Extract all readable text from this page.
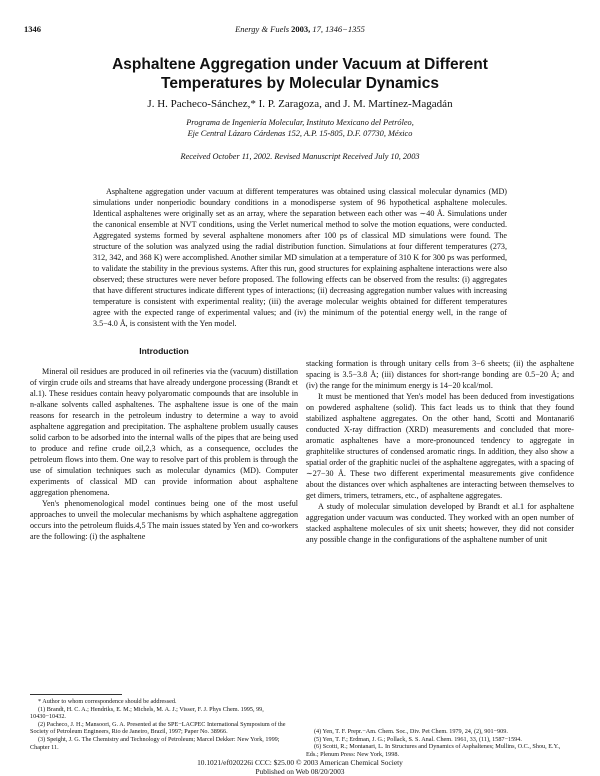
1346	Energy & Fuels 2003, 17, 1346−1355
Asphaltene Aggregation under Vacuum at Different
Temperatures by Molecular Dynamics
J. H. Pacheco-Sánchez,* I. P. Zaragoza, and J. M. Martínez-Magadán
Programa de Ingeniería Molecular, Instituto Mexicano del Petróleo,
Eje Central Lázaro Cárdenas 152, A.P. 15-805, D.F. 07730, México
Received October 11, 2002. Revised Manuscript Received July 10, 2003
Asphaltene aggregation under vacuum at different temperatures was obtained using classical molecular dynamics (MD) simulations under nonperiodic boundary conditions in a monodisperse system of 96 hypothetical asphaltene molecules. Identical asphaltenes were originally set as an array, where the separation between each other was ∼40 Å. Simulations under the canonical ensemble at NVT conditions, using the Verlet numerical method to solve the motion equations, were conducted. Aggregated systems formed by several asphaltene monomers after 100 ps of classical MD simulations were found. The structure of the solution was analyzed using the radial distribution function. Simulations at four different temperatures (273, 312, 342, and 368 K) were accomplished. Another similar MD simulation at a temperature of 310 K for 300 ps was performed, to validate the stability in the previous systems. After this run, good structures for explaining asphaltene interactions were also observed; these structures were never before proposed. The following effects can be observed from the results: (i) aggregates that have different structures indicate different types of interactions; (ii) decreasing aggregation number values with increasing temperature is consistent with experimental reality; (iii) the average molecular weights obtained for different temperatures agree with the expected range of experimental values; and (iv) the minimum of the potential energy well, in the range of 3.5−4.0 Å, is consistent with the Yen model.
Introduction

Mineral oil residues are produced in oil refineries via the (vacuum) distillation of virgin crude oils and streams that have already undergone processing (Brandt et al.1). These residues contain heavy polyaromatic compounds that are insoluble in n-alkane solvents called asphaltenes. The asphaltene issue is one of the main reasons for research in the petroleum industry to determine a way to avoid asphaltene aggregation and precipitation. The asphaltene problem usually causes solid carbon to be adsorbed into the internal walls of the pipes that are being used to produce and refine crude oil,2,3 which, as a consequence, occludes the petroleum flows into them. One way to resolve part of this problem is through the use of simulation techniques such as molecular dynamics (MD). Computer experiments of classical MD can provide information about asphaltene aggregation phenomena.

Yen's phenomenological model continues being one of the most useful approaches to unveil the molecular mechanisms by which asphaltene aggregation occurs into the petroleum fluids.4,5 The main issues stated by Yen and co-workers are the following: (i) the asphaltene

stacking formation is through unitary cells from 3−6 sheets; (ii) the asphaltene spacing is 3.5−3.8 Å; (iii) distances for short-range bonding are 0.5−20 Å; and (iv) the range for the minimum energy is 14−20 kcal/mol.

It must be mentioned that Yen's model has been deduced from investigations on powdered asphaltene (solid). This fact leads us to think that they found stabilized asphaltene aggregates. On the other hand, Scotti and Montanari6 conducted X-ray diffraction (XRD) measurements and concluded that more-aromatic asphaltenes have a more-pronounced tendency to aggregate in graphitelike structures of condensed aromatic rings. In addition, they also show a spatial order of the graphitic nuclei of the asphaltene aggregates, with a spacing of ∼27−30 Å. These two different experimental measurements give confidence about the distances over which asphaltenes are interacting between themselves to get dimers, trimers, tetramers, etc., of asphaltene aggregates.

A study of molecular simulation developed by Brandt et al.1 for asphaltene aggregation under vacuum was conducted. They worked with an open number of stacked asphaltene molecules of six unit sheets; however, they did not consider any possible change in the configurations of the asphaltene number of unit

* Author to whom correspondence should be addressed.
(1) Brandt, H. C. A.; Hendriks, E. M.; Michels, M. A. J.; Visser, F. J. Phys Chem. 1995, 99, 10430−10432.
(2) Pacheco, J. H.; Mansoori, G. A. Presented at the SPE−LACPEC International Symposium of the Society of Petroleum Engineers, Rio de Janeiro, Brazil, 1997; Paper No. 38966.
(3) Speight, J. G. The Chemistry and Technology of Petroleum; Marcel Dekker: New York, 1999; Chapter 11.
(4) Yen, T. F. Prepr.−Am. Chem. Soc., Div. Pet Chem. 1979, 24, (2), 901−909.
(5) Yen, T. F.; Erdman, J. G.; Pollack, S. S. Anal. Chem. 1961, 33, (11), 1587−1594.
(6) Scotti, R.; Montanari, L. In Structures and Dynamics of Asphaltenes; Mullins, O.C., Shou, E.Y., Eds.; Plenum Press: New York, 1998.
10.1021/ef020226i CCC: $25.00 © 2003 American Chemical Society
Published on Web 08/20/2003
